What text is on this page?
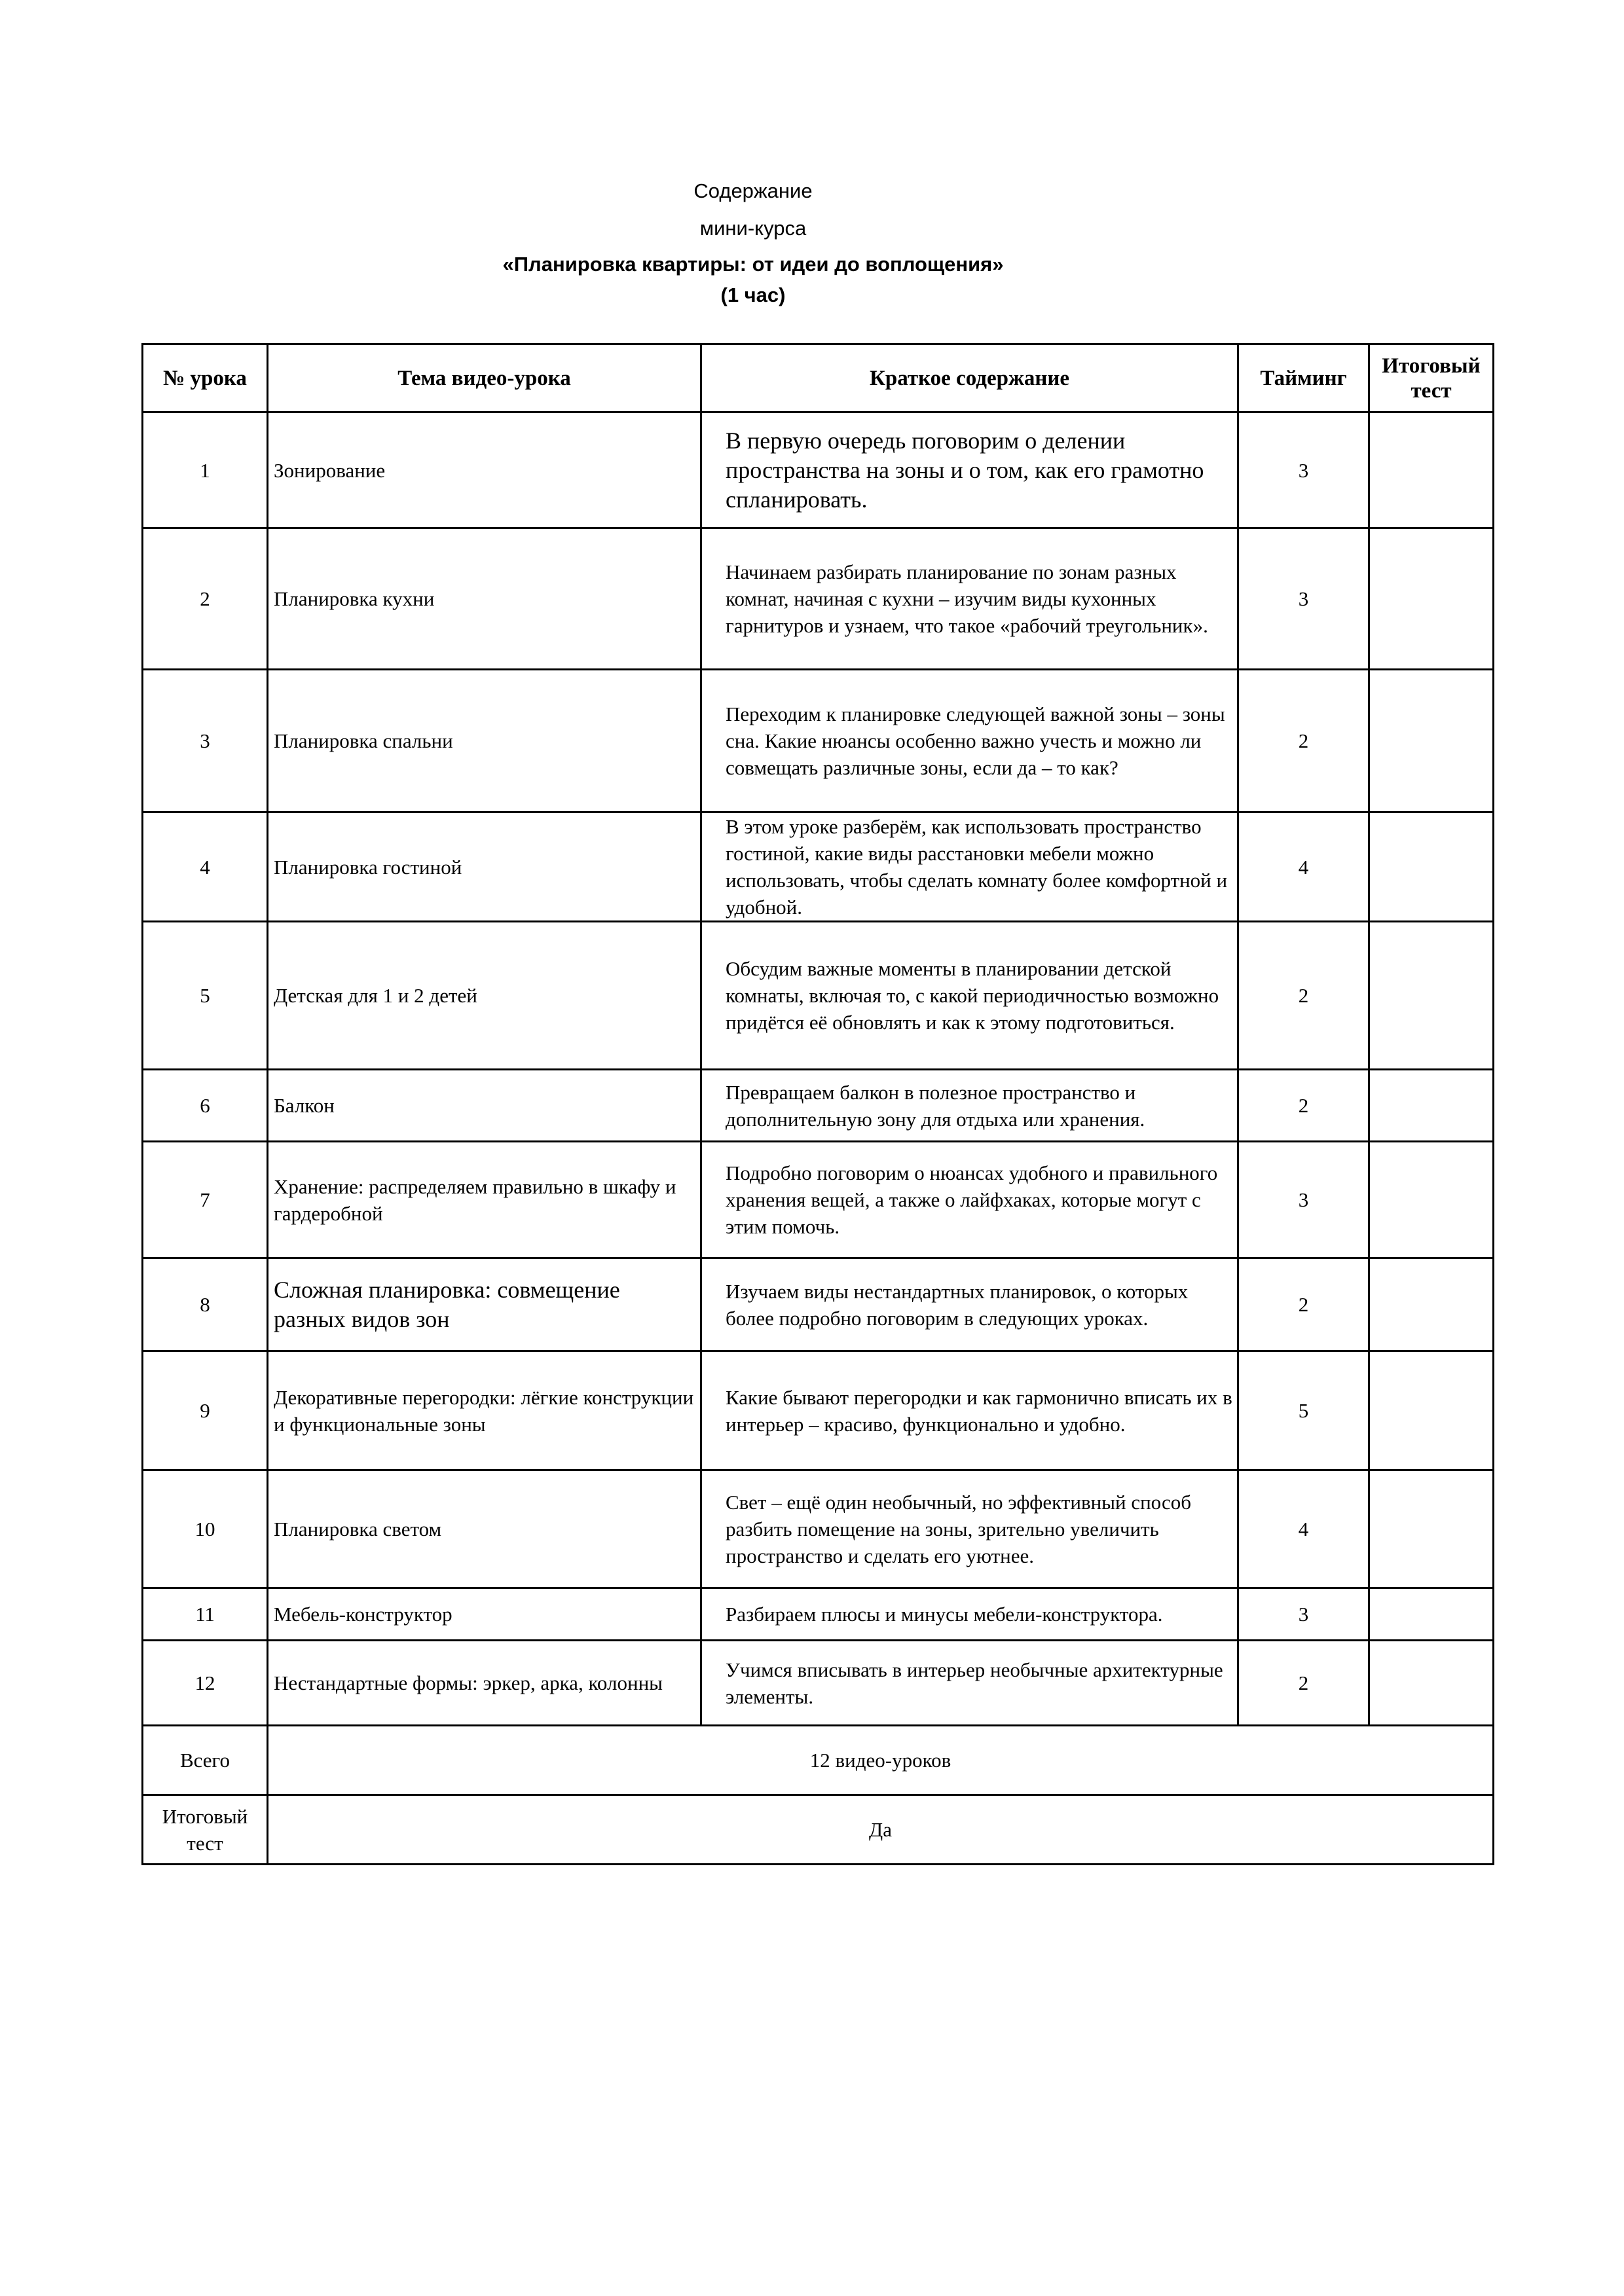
Содержание
мини-курса
«Планировка квартиры: от идеи до воплощения»
(1 час)
№ урока	Тема видео-урока	Краткое содержание	Тайминг	Итоговый тест
1	Зонирование	В первую очередь поговорим о делении пространства на зоны и о том, как его грамотно спланировать.	3	
2	Планировка кухни	Начинаем разбирать планирование по зонам разных комнат, начиная с кухни – изучим виды кухонных гарнитуров и узнаем, что такое «рабочий треугольник».	3	
3	Планировка спальни	Переходим к планировке следующей важной зоны – зоны сна. Какие нюансы особенно важно учесть и можно ли совмещать различные зоны, если да – то как?	2	
4	Планировка гостиной	В этом уроке разберём, как использовать пространство гостиной, какие виды расстановки мебели можно использовать, чтобы сделать комнату более комфортной и удобной.	4	
5	Детская для 1 и 2 детей	Обсудим важные моменты в планировании детской комнаты, включая то, с какой периодичностью возможно придётся её обновлять и как к этому подготовиться.	2	
6	Балкон	Превращаем балкон в полезное пространство и дополнительную зону для отдыха или хранения.	2	
7	Хранение: распределяем правильно в шкафу и гардеробной	Подробно поговорим о нюансах удобного и правильного хранения вещей, а также о лайфхаках, которые могут с этим помочь.	3	
8	Сложная планировка: совмещение разных видов зон	Изучаем виды нестандартных планировок, о которых более подробно поговорим в следующих уроках.	2	
9	Декоративные перегородки: лёгкие конструкции и функциональные зоны	Какие бывают перегородки и как гармонично вписать их в интерьер – красиво, функционально и удобно.	5	
10	Планировка светом	Свет – ещё один необычный, но эффективный способ разбить помещение на зоны, зрительно увеличить пространство и сделать его уютнее.	4	
11	Мебель-конструктор	Разбираем плюсы и минусы мебели-конструктора.	3	
12	Нестандартные формы: эркер, арка, колонны	Учимся вписывать в интерьер необычные архитектурные элементы.	2	
Всего	12 видео-уроков			
Итоговый тест	Да			
